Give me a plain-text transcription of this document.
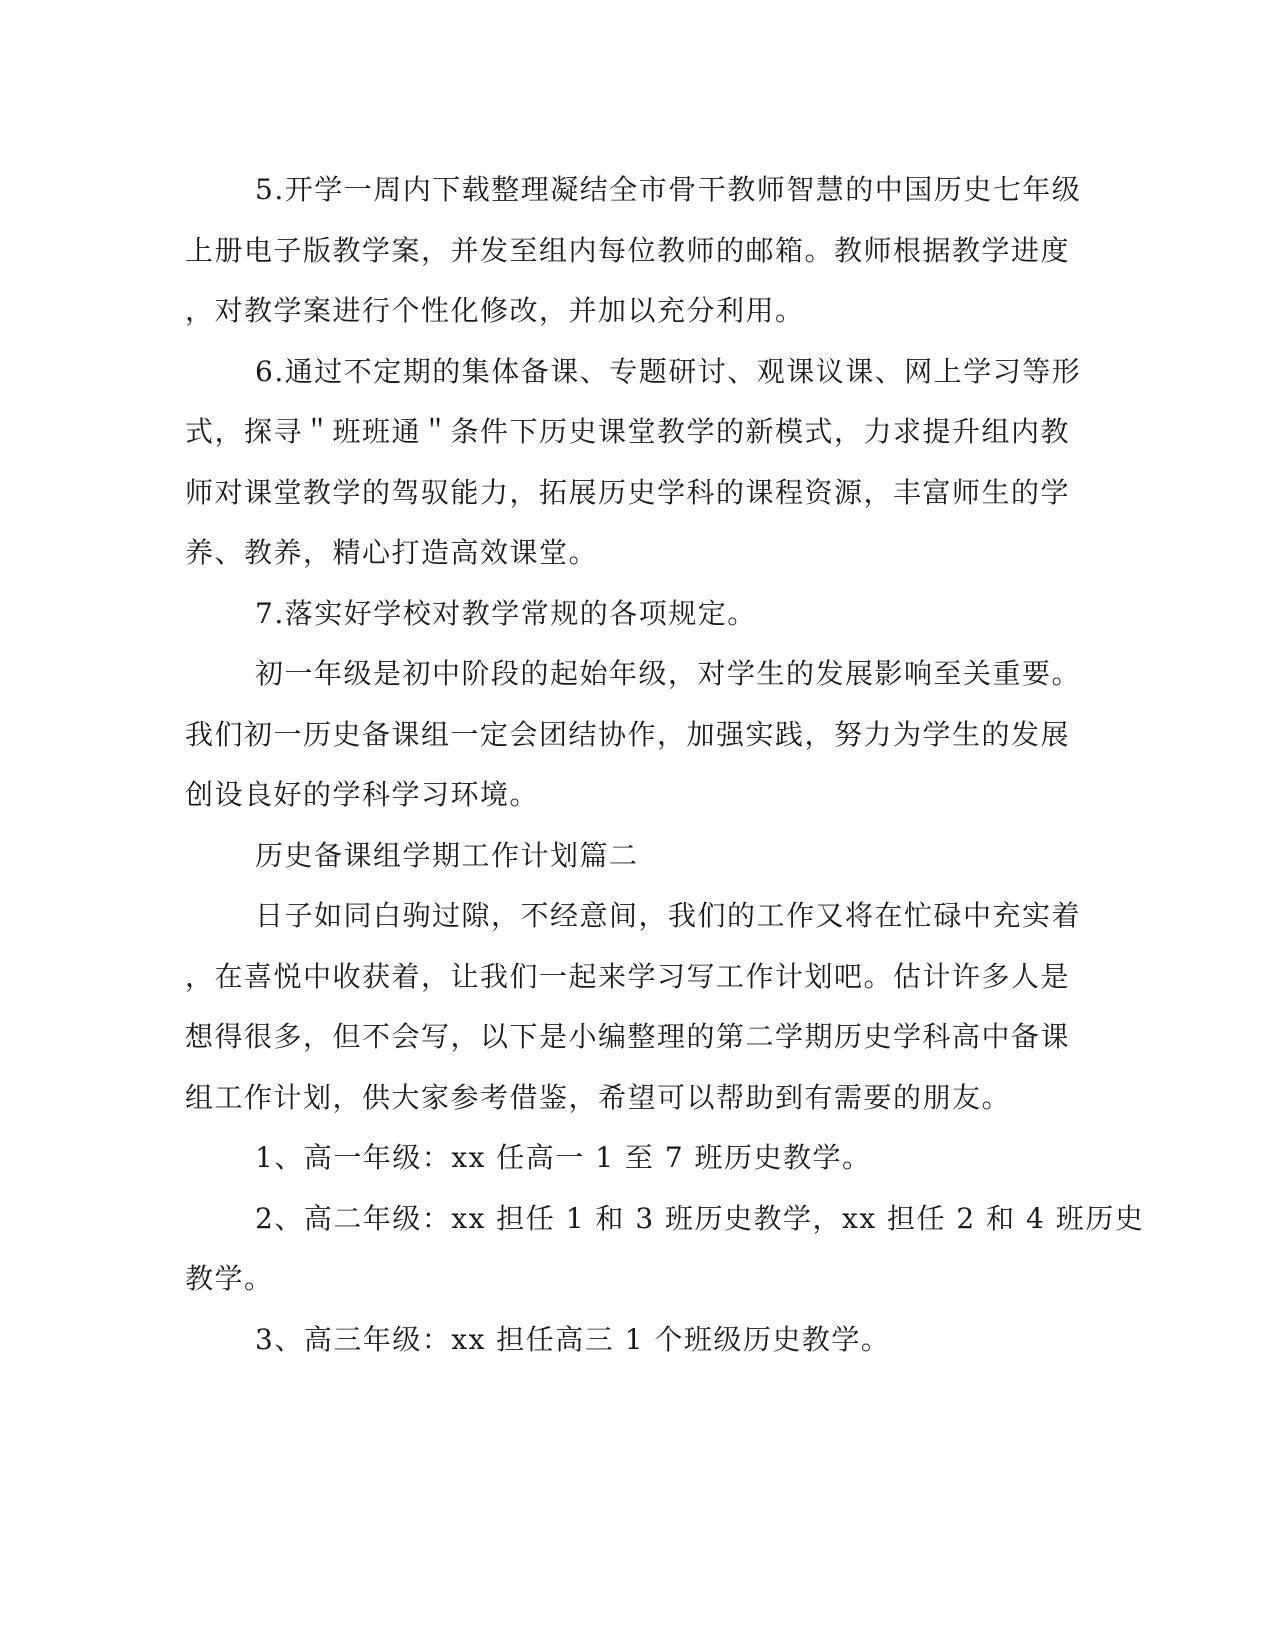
5.开学一周内下载整理凝结全市骨干教师智慧的中国历史七年级
上册电子版教学案，并发至组内每位教师的邮箱。教师根据教学进度
，对教学案进行个性化修改，并加以充分利用。
6.通过不定期的集体备课、专题研讨、观课议课、网上学习等形
式，探寻＂班班通＂条件下历史课堂教学的新模式，力求提升组内教
师对课堂教学的驾驭能力，拓展历史学科的课程资源，丰富师生的学
养、教养，精心打造高效课堂。
7.落实好学校对教学常规的各项规定。
初一年级是初中阶段的起始年级，对学生的发展影响至关重要。
我们初一历史备课组一定会团结协作，加强实践，努力为学生的发展
创设良好的学科学习环境。
历史备课组学期工作计划篇二
日子如同白驹过隙，不经意间，我们的工作又将在忙碌中充实着
，在喜悦中收获着，让我们一起来学习写工作计划吧。估计许多人是
想得很多，但不会写，以下是小编整理的第二学期历史学科高中备课
组工作计划，供大家参考借鉴，希望可以帮助到有需要的朋友。
1、高一年级：xx 任高一 1 至 7 班历史教学。
2、高二年级：xx 担任 1 和 3 班历史教学，xx 担任 2 和 4 班历史
教学。
3、高三年级：xx 担任高三 1 个班级历史教学。
